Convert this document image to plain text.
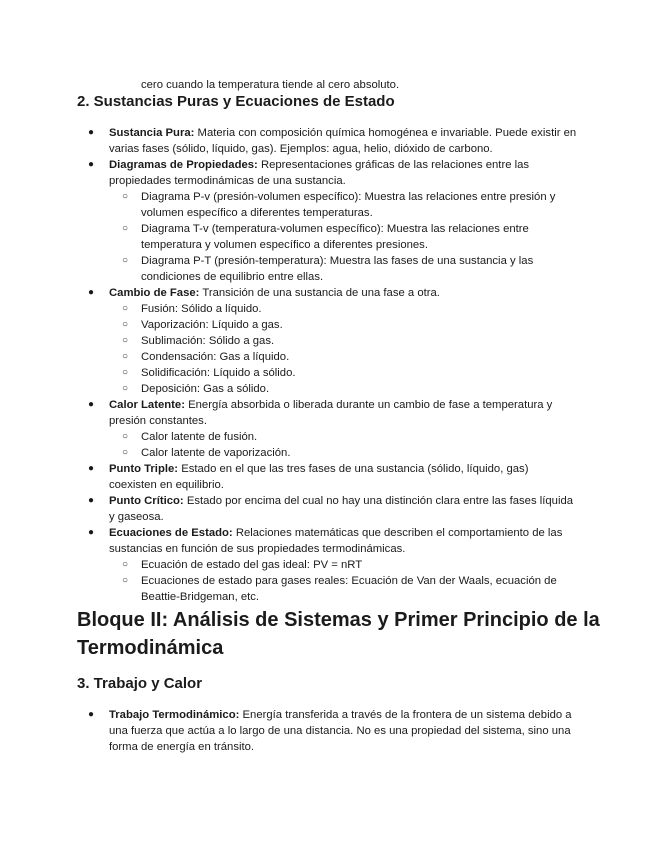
cero cuando la temperatura tiende al cero absoluto.
2. Sustancias Puras y Ecuaciones de Estado
● Sustancia Pura: Materia con composición química homogénea e invariable. Puede existir en varias fases (sólido, líquido, gas). Ejemplos: agua, helio, dióxido de carbono.
● Diagramas de Propiedades: Representaciones gráficas de las relaciones entre las propiedades termodinámicas de una sustancia.
○ Diagrama P-v (presión-volumen específico): Muestra las relaciones entre presión y volumen específico a diferentes temperaturas.
○ Diagrama T-v (temperatura-volumen específico): Muestra las relaciones entre temperatura y volumen específico a diferentes presiones.
○ Diagrama P-T (presión-temperatura): Muestra las fases de una sustancia y las condiciones de equilibrio entre ellas.
● Cambio de Fase: Transición de una sustancia de una fase a otra.
○ Fusión: Sólido a líquido.
○ Vaporización: Líquido a gas.
○ Sublimación: Sólido a gas.
○ Condensación: Gas a líquido.
○ Solidificación: Líquido a sólido.
○ Deposición: Gas a sólido.
● Calor Latente: Energía absorbida o liberada durante un cambio de fase a temperatura y presión constantes.
○ Calor latente de fusión.
○ Calor latente de vaporización.
● Punto Triple: Estado en el que las tres fases de una sustancia (sólido, líquido, gas) coexisten en equilibrio.
● Punto Crítico: Estado por encima del cual no hay una distinción clara entre las fases líquida y gaseosa.
● Ecuaciones de Estado: Relaciones matemáticas que describen el comportamiento de las sustancias en función de sus propiedades termodinámicas.
○ Ecuación de estado del gas ideal: PV = nRT
○ Ecuaciones de estado para gases reales: Ecuación de Van der Waals, ecuación de Beattie-Bridgeman, etc.
Bloque II: Análisis de Sistemas y Primer Principio de la Termodinámica
3. Trabajo y Calor
● Trabajo Termodinámico: Energía transferida a través de la frontera de un sistema debido a una fuerza que actúa a lo largo de una distancia. No es una propiedad del sistema, sino una forma de energía en tránsito.
